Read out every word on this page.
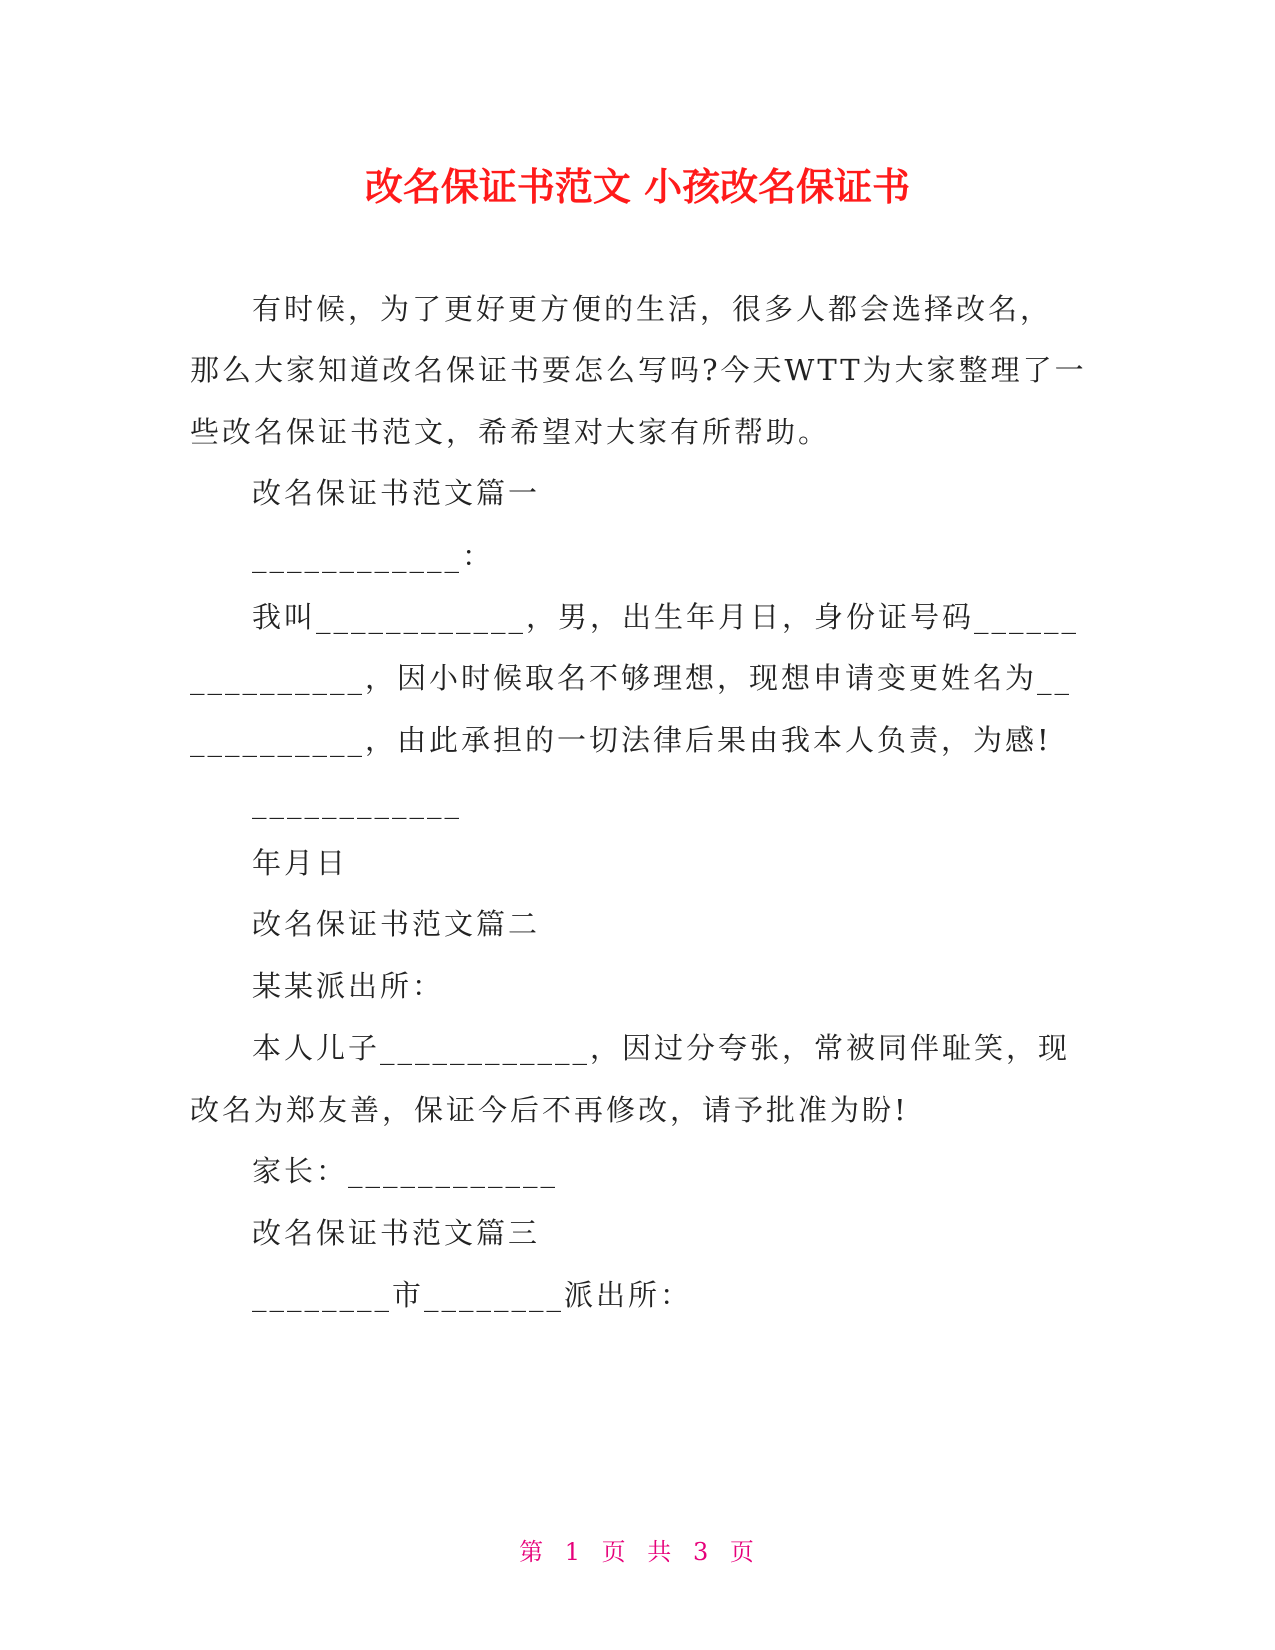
改名保证书范文 小孩改名保证书
有时候，为了更好更方便的生活，很多人都会选择改名，
那么大家知道改名保证书要怎么写吗?今天WTT为大家整理了一
些改名保证书范文，希希望对大家有所帮助。
改名保证书范文篇一
____________：
我叫____________，男，出生年月日，身份证号码______
__________，因小时候取名不够理想，现想申请变更姓名为__
__________，由此承担的一切法律后果由我本人负责，为感!
____________
年月日
改名保证书范文篇二
某某派出所：
本人儿子____________，因过分夸张，常被同伴耻笑，现
改名为郑友善，保证今后不再修改，请予批准为盼!
家长：____________
改名保证书范文篇三
________市________派出所：
第 1 页 共 3 页
